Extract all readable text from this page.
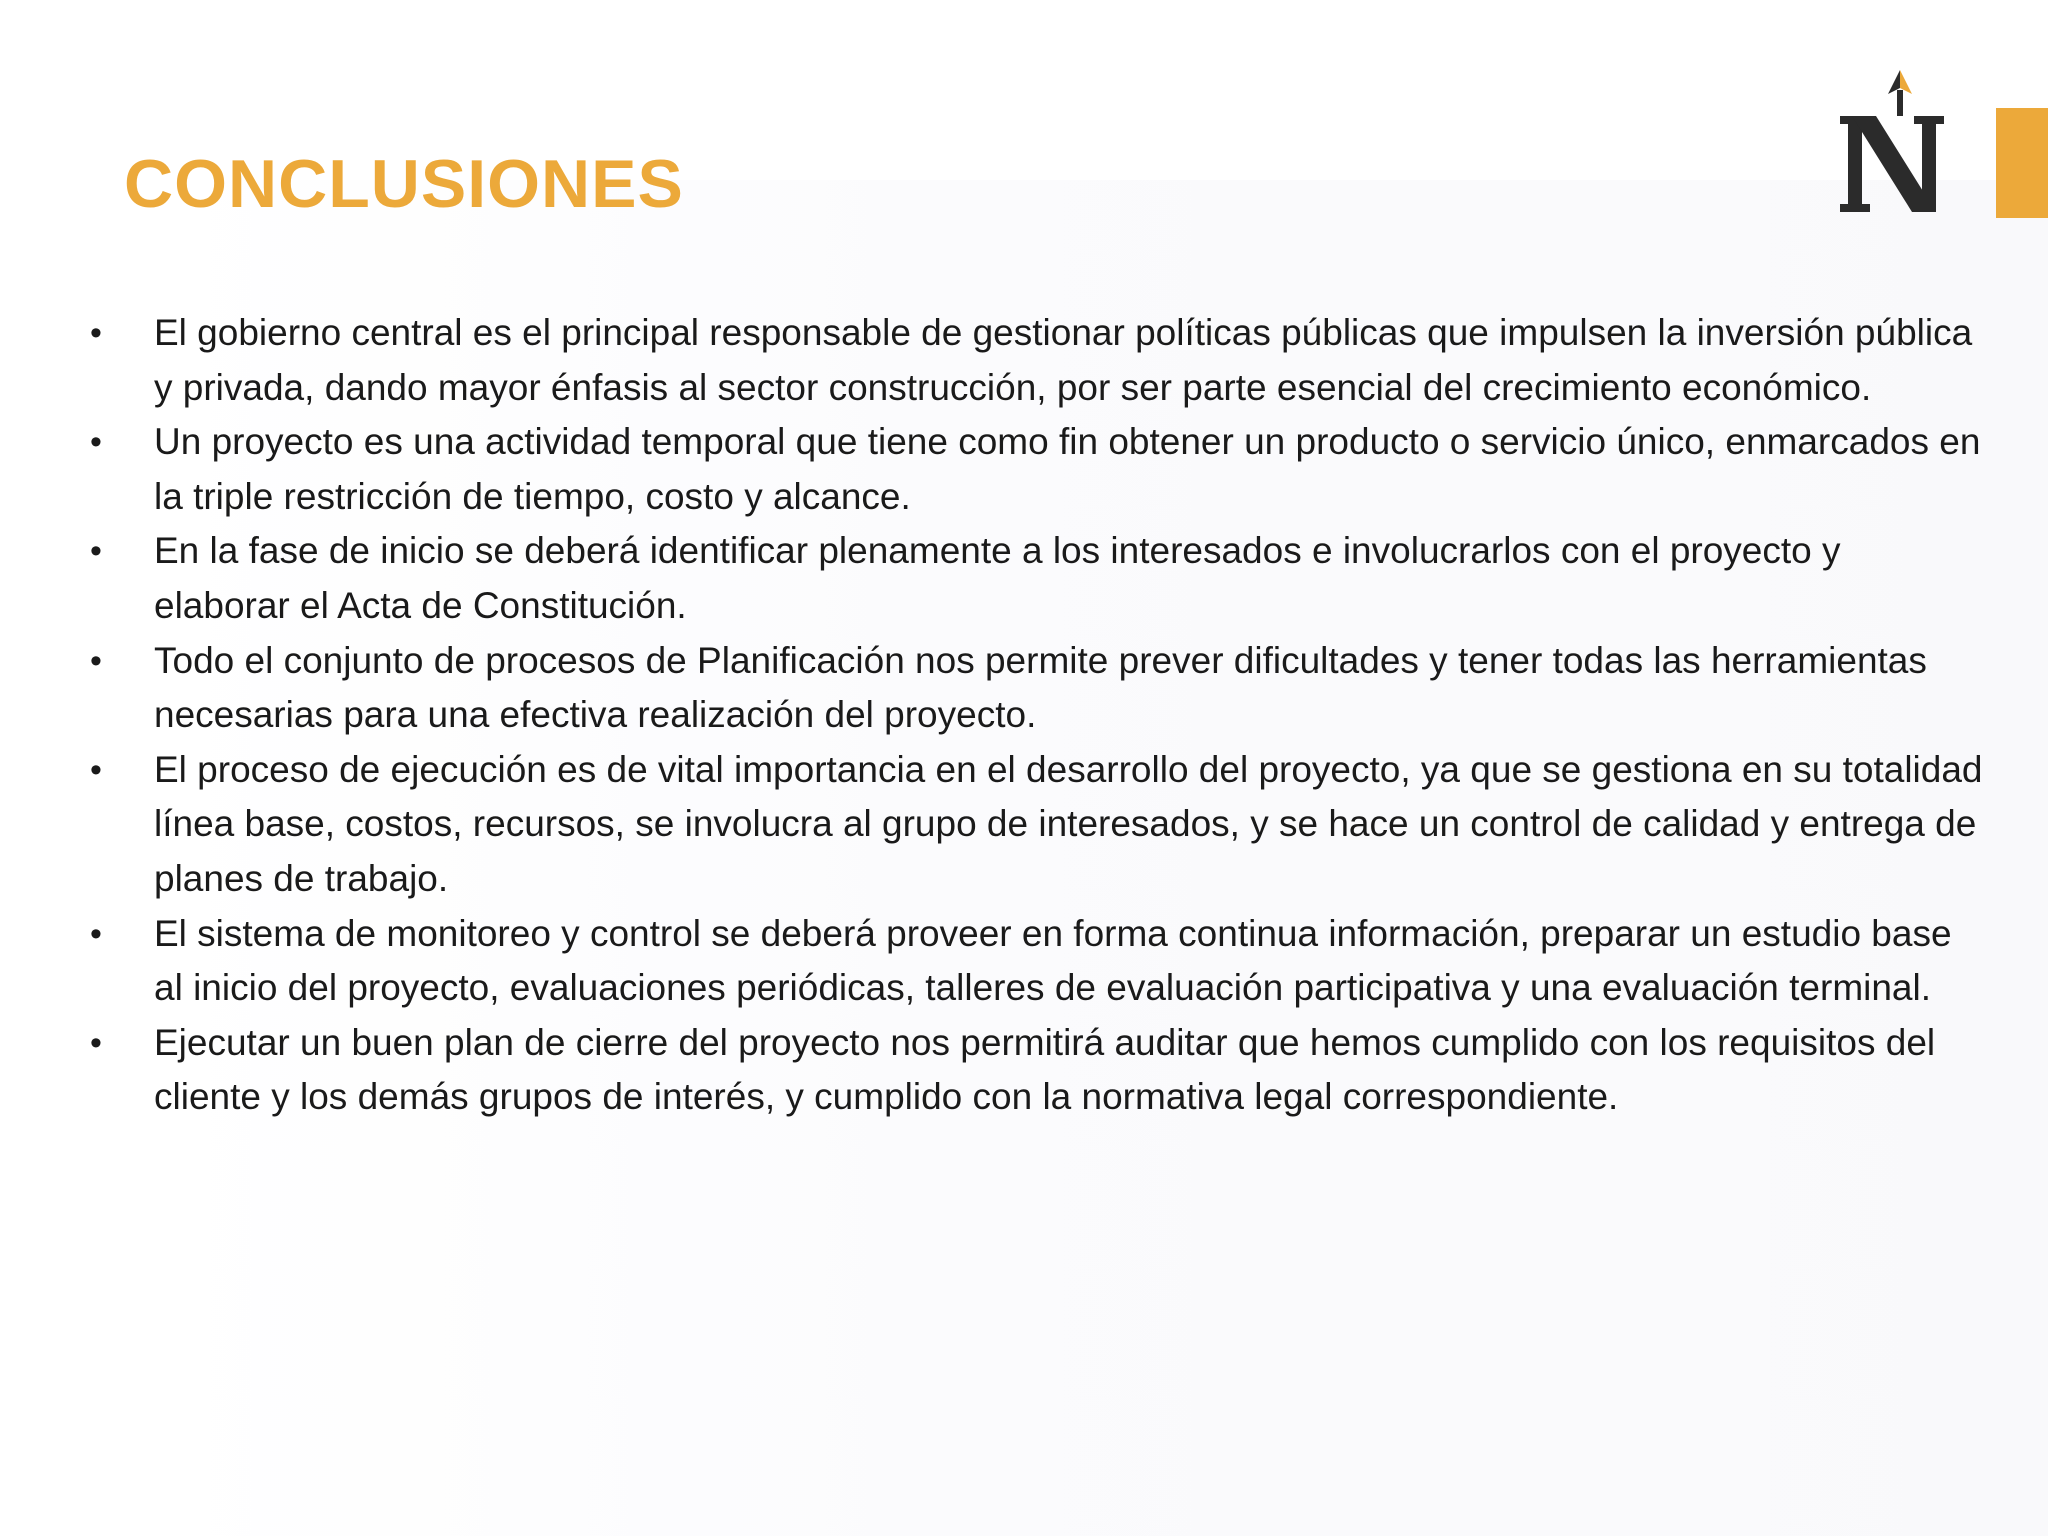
CONCLUSIONES
• El gobierno central es el principal responsable de gestionar políticas públicas que impulsen la inversión pública y privada, dando mayor énfasis al sector construcción, por ser parte esencial del crecimiento económico.
• Un proyecto es una actividad temporal que tiene como fin obtener un producto o servicio único, enmarcados en la triple restricción de tiempo, costo y alcance.
• En la fase de inicio se deberá identificar plenamente a los interesados e involucrarlos con el proyecto y elaborar el Acta de Constitución.
• Todo el conjunto de procesos de Planificación nos permite prever dificultades y tener todas las herramientas necesarias para una efectiva realización del proyecto.
• El proceso de ejecución es de vital importancia en el desarrollo del proyecto, ya que se gestiona en su totalidad línea base, costos, recursos, se involucra al grupo de interesados, y se hace un control de calidad y entrega de planes de trabajo.
• El sistema de monitoreo y control se deberá proveer en forma continua información, preparar un estudio base al inicio del proyecto, evaluaciones periódicas, talleres de evaluación participativa y una evaluación terminal.
• Ejecutar un buen plan de cierre del proyecto nos permitirá auditar que hemos cumplido con los requisitos del cliente y los demás grupos de interés, y cumplido con la normativa legal correspondiente.
